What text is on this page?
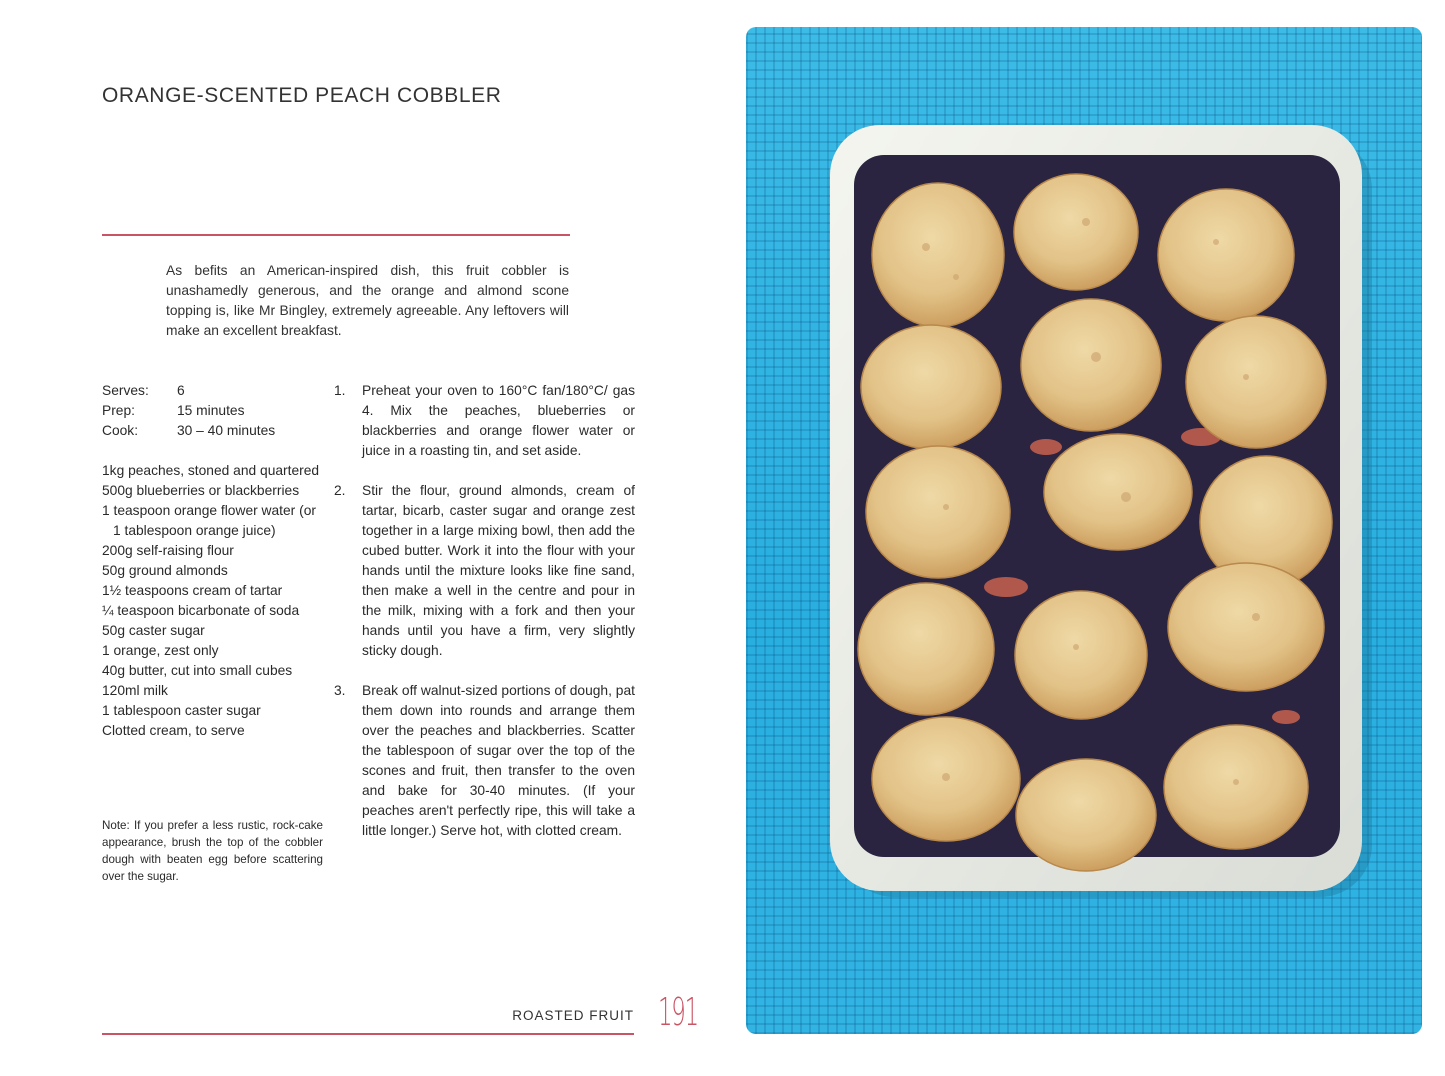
ORANGE-SCENTED PEACH COBBLER

As befits an American-inspired dish, this fruit cobbler is unashamedly generous, and the orange and almond scone topping is, like Mr Bingley, extremely agreeable. Any leftovers will make an excellent breakfast.

Serves:	6
Prep:	15 minutes
Cook:	30 – 40 minutes
1kg peaches, stoned and quartered
500g blueberries or blackberries
1 teaspoon orange flower water (or 1 tablespoon orange juice)
200g self-raising flour
50g ground almonds
1½ teaspoons cream of tartar
¼ teaspoon bicarbonate of soda
50g caster sugar
1 orange, zest only
40g butter, cut into small cubes
120ml milk
1 tablespoon caster sugar
Clotted cream, to serve

Note: If you prefer a less rustic, rock-cake appearance, brush the top of the cobbler dough with beaten egg before scattering over the sugar.

1.	Preheat your oven to 160°C fan/180°C/ gas 4. Mix the peaches, blueberries or blackberries and orange flower water or juice in a roasting tin, and set aside.
2.	Stir the flour, ground almonds, cream of tartar, bicarb, caster sugar and orange zest together in a large mixing bowl, then add the cubed butter. Work it into the flour with your hands until the mixture looks like fine sand, then make a well in the centre and pour in the milk, mixing with a fork and then your hands until you have a firm, very slightly sticky dough.
3.	Break off walnut-sized portions of dough, pat them down into rounds and arrange them over the peaches and blackberries. Scatter the tablespoon of sugar over the top of the scones and fruit, then transfer to the oven and bake for 30-40 minutes. (If your peaches aren't perfectly ripe, this will take a little longer.) Serve hot, with clotted cream.
ROASTED FRUIT 191
